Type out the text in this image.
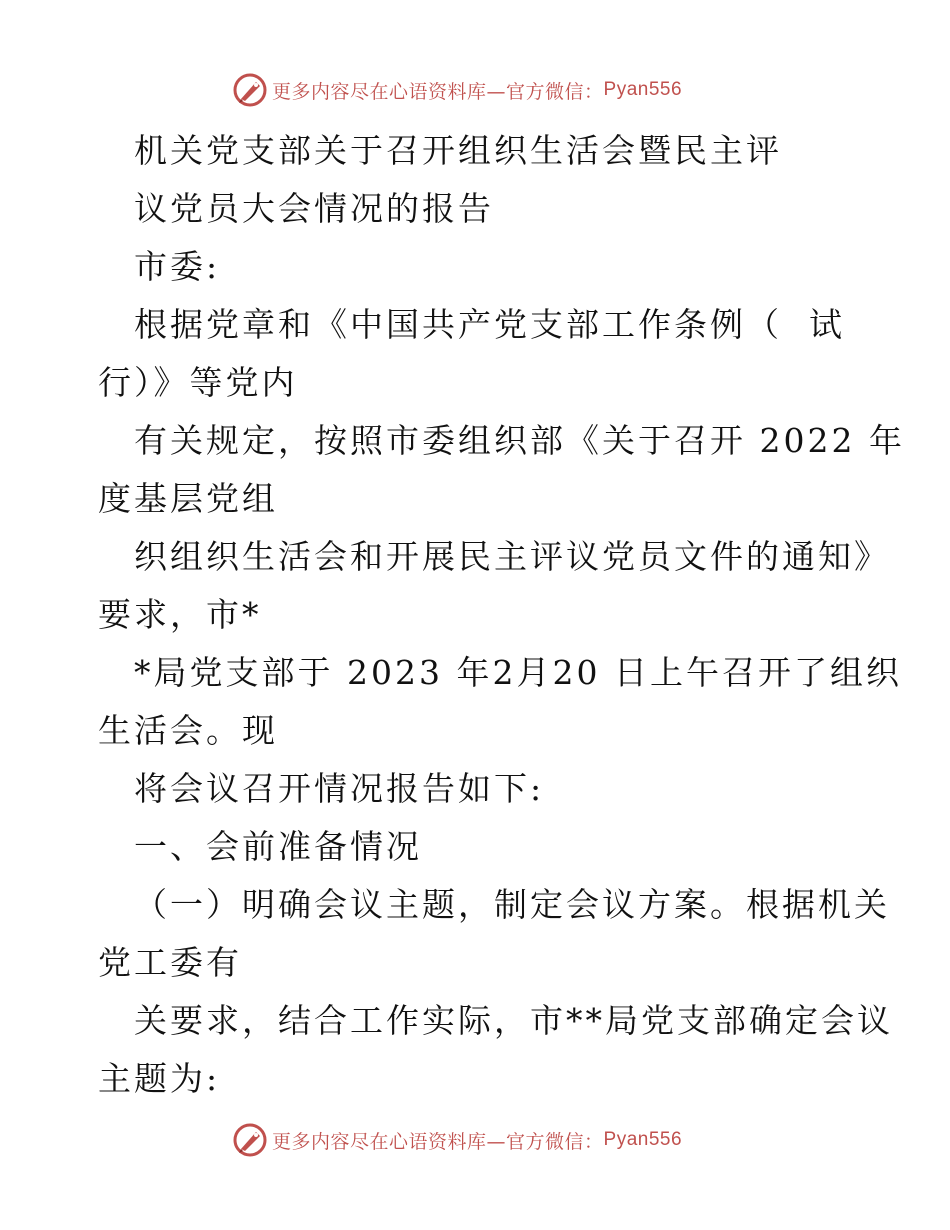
更多内容尽在心语资料库—官方微信： Pyan556
机关党支部关于召开组织生活会暨民主评
议党员大会情况的报告
市委:
根据党章和《中国共产党支部工作条例（  试
行）》等党内
有关规定，按照市委组织部《关于召开 2022 年
度基层党组
织组织生活会和开展民主评议党员文件的通知》
要求，市*
*局党支部于 2023 年2月20 日上午召开了组织
生活会。现
将会议召开情况报告如下:
一、会前准备情况
（一）明确会议主题，制定会议方案。根据机关
党工委有
关要求，结合工作实际，市**局党支部确定会议
主题为:
更多内容尽在心语资料库—官方微信： Pyan556
